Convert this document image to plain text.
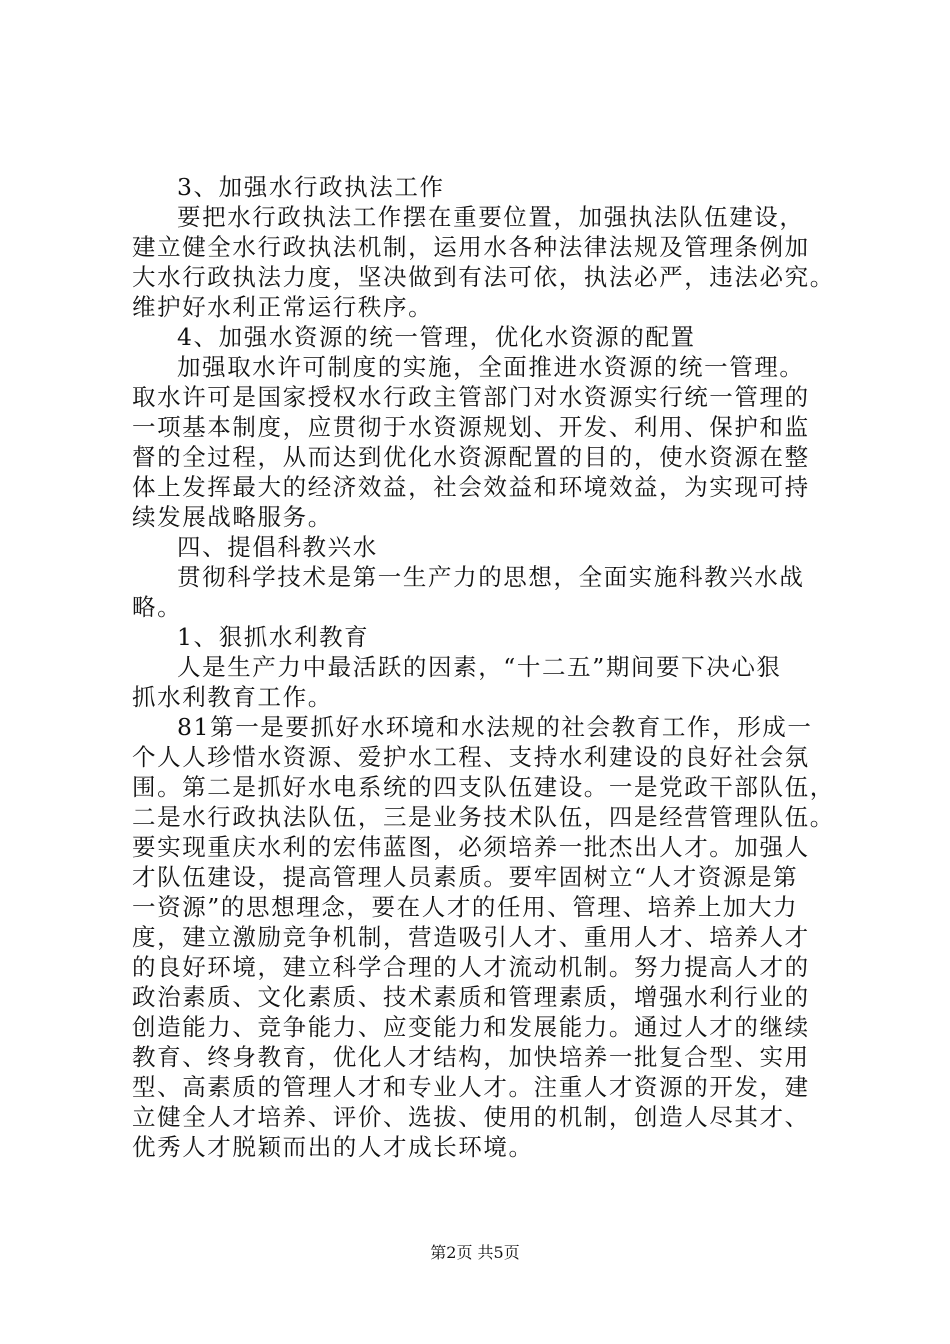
3、加强水行政执法工作
要把水行政执法工作摆在重要位置，加强执法队伍建设，
建立健全水行政执法机制，运用水各种法律法规及管理条例加
大水行政执法力度，坚决做到有法可依，执法必严，违法必究。
维护好水利正常运行秩序。
4、加强水资源的统一管理，优化水资源的配置
加强取水许可制度的实施，全面推进水资源的统一管理。
取水许可是国家授权水行政主管部门对水资源实行统一管理的
一项基本制度，应贯彻于水资源规划、开发、利用、保护和监
督的全过程，从而达到优化水资源配置的目的，使水资源在整
体上发挥最大的经济效益，社会效益和环境效益，为实现可持
续发展战略服务。
四、提倡科教兴水
贯彻科学技术是第一生产力的思想，全面实施科教兴水战
略。
1、狠抓水利教育
人是生产力中最活跃的因素，“十二五”期间要下决心狠
抓水利教育工作。
81第一是要抓好水环境和水法规的社会教育工作，形成一
个人人珍惜水资源、爱护水工程、支持水利建设的良好社会氛
围。第二是抓好水电系统的四支队伍建设。一是党政干部队伍，
二是水行政执法队伍，三是业务技术队伍，四是经营管理队伍。
要实现重庆水利的宏伟蓝图，必须培养一批杰出人才。加强人
才队伍建设，提高管理人员素质。要牢固树立“人才资源是第
一资源”的思想理念，要在人才的任用、管理、培养上加大力
度，建立激励竞争机制，营造吸引人才、重用人才、培养人才
的良好环境，建立科学合理的人才流动机制。努力提高人才的
政治素质、文化素质、技术素质和管理素质，增强水利行业的
创造能力、竞争能力、应变能力和发展能力。通过人才的继续
教育、终身教育，优化人才结构，加快培养一批复合型、实用
型、高素质的管理人才和专业人才。注重人才资源的开发，建
立健全人才培养、评价、选拔、使用的机制，创造人尽其才、
优秀人才脱颖而出的人才成长环境。
第2页 共5页
